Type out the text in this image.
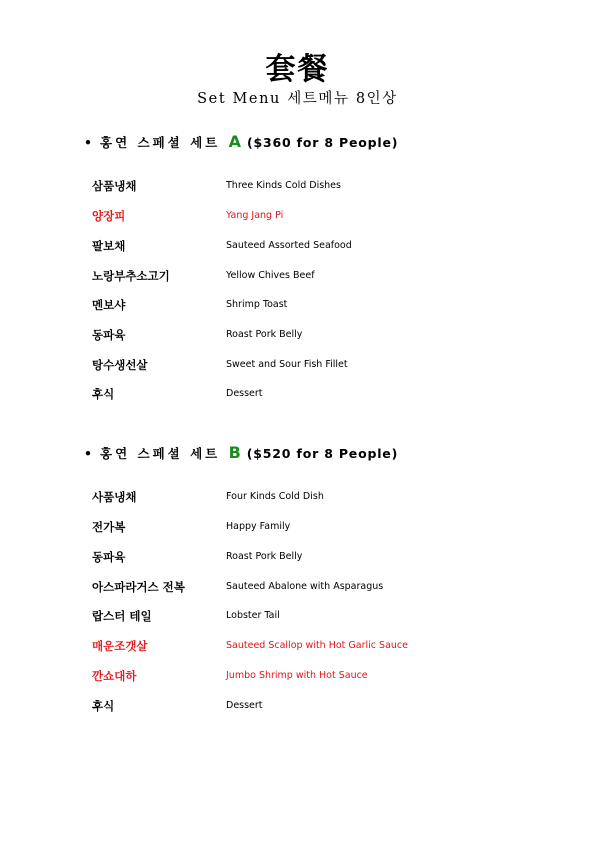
套餐
Set Menu 세트메뉴 8인상
• 홍연 스페셜 세트 A ($360 for 8 People)
삼품냉채	Three Kinds Cold Dishes
양장피	Yang Jang Pi
팔보채	Sauteed Assorted Seafood
노랑부추소고기	Yellow Chives Beef
멘보샤	Shrimp Toast
동파육	Roast Pork Belly
탕수생선살	Sweet and Sour Fish Fillet
후식	Dessert
• 홍연 스페셜 세트 B ($520 for 8 People)
사품냉채	Four Kinds Cold Dish
전가복	Happy Family
동파육	Roast Pork Belly
아스파라거스 전복	Sauteed Abalone with Asparagus
랍스터 테일	Lobster Tail
매운조갯살	Sauteed Scallop with Hot Garlic Sauce
깐쇼대하	Jumbo Shrimp with Hot Sauce
후식	Dessert
